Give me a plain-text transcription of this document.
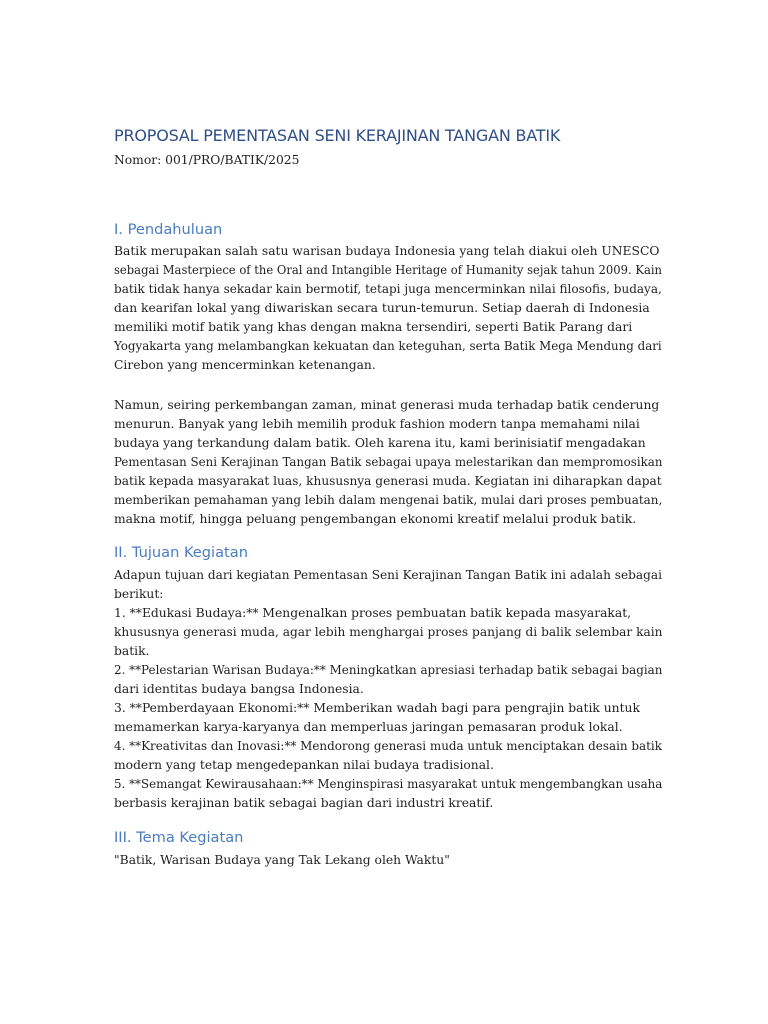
PROPOSAL PEMENTASAN SENI KERAJINAN TANGAN BATIK
Nomor: 001/PRO/BATIK/2025
I. Pendahuluan
Batik merupakan salah satu warisan budaya Indonesia yang telah diakui oleh UNESCO
sebagai Masterpiece of the Oral and Intangible Heritage of Humanity sejak tahun 2009. Kain
batik tidak hanya sekadar kain bermotif, tetapi juga mencerminkan nilai filosofis, budaya,
dan kearifan lokal yang diwariskan secara turun-temurun. Setiap daerah di Indonesia
memiliki motif batik yang khas dengan makna tersendiri, seperti Batik Parang dari
Yogyakarta yang melambangkan kekuatan dan keteguhan, serta Batik Mega Mendung dari
Cirebon yang mencerminkan ketenangan.
Namun, seiring perkembangan zaman, minat generasi muda terhadap batik cenderung
menurun. Banyak yang lebih memilih produk fashion modern tanpa memahami nilai
budaya yang terkandung dalam batik. Oleh karena itu, kami berinisiatif mengadakan
Pementasan Seni Kerajinan Tangan Batik sebagai upaya melestarikan dan mempromosikan
batik kepada masyarakat luas, khususnya generasi muda. Kegiatan ini diharapkan dapat
memberikan pemahaman yang lebih dalam mengenai batik, mulai dari proses pembuatan,
makna motif, hingga peluang pengembangan ekonomi kreatif melalui produk batik.
II. Tujuan Kegiatan
Adapun tujuan dari kegiatan Pementasan Seni Kerajinan Tangan Batik ini adalah sebagai
berikut:
1. **Edukasi Budaya:** Mengenalkan proses pembuatan batik kepada masyarakat,
khususnya generasi muda, agar lebih menghargai proses panjang di balik selembar kain
batik.
2. **Pelestarian Warisan Budaya:** Meningkatkan apresiasi terhadap batik sebagai bagian
dari identitas budaya bangsa Indonesia.
3. **Pemberdayaan Ekonomi:** Memberikan wadah bagi para pengrajin batik untuk
memamerkan karya-karyanya dan memperluas jaringan pemasaran produk lokal.
4. **Kreativitas dan Inovasi:** Mendorong generasi muda untuk menciptakan desain batik
modern yang tetap mengedepankan nilai budaya tradisional.
5. **Semangat Kewirausahaan:** Menginspirasi masyarakat untuk mengembangkan usaha
berbasis kerajinan batik sebagai bagian dari industri kreatif.
III. Tema Kegiatan
"Batik, Warisan Budaya yang Tak Lekang oleh Waktu"
